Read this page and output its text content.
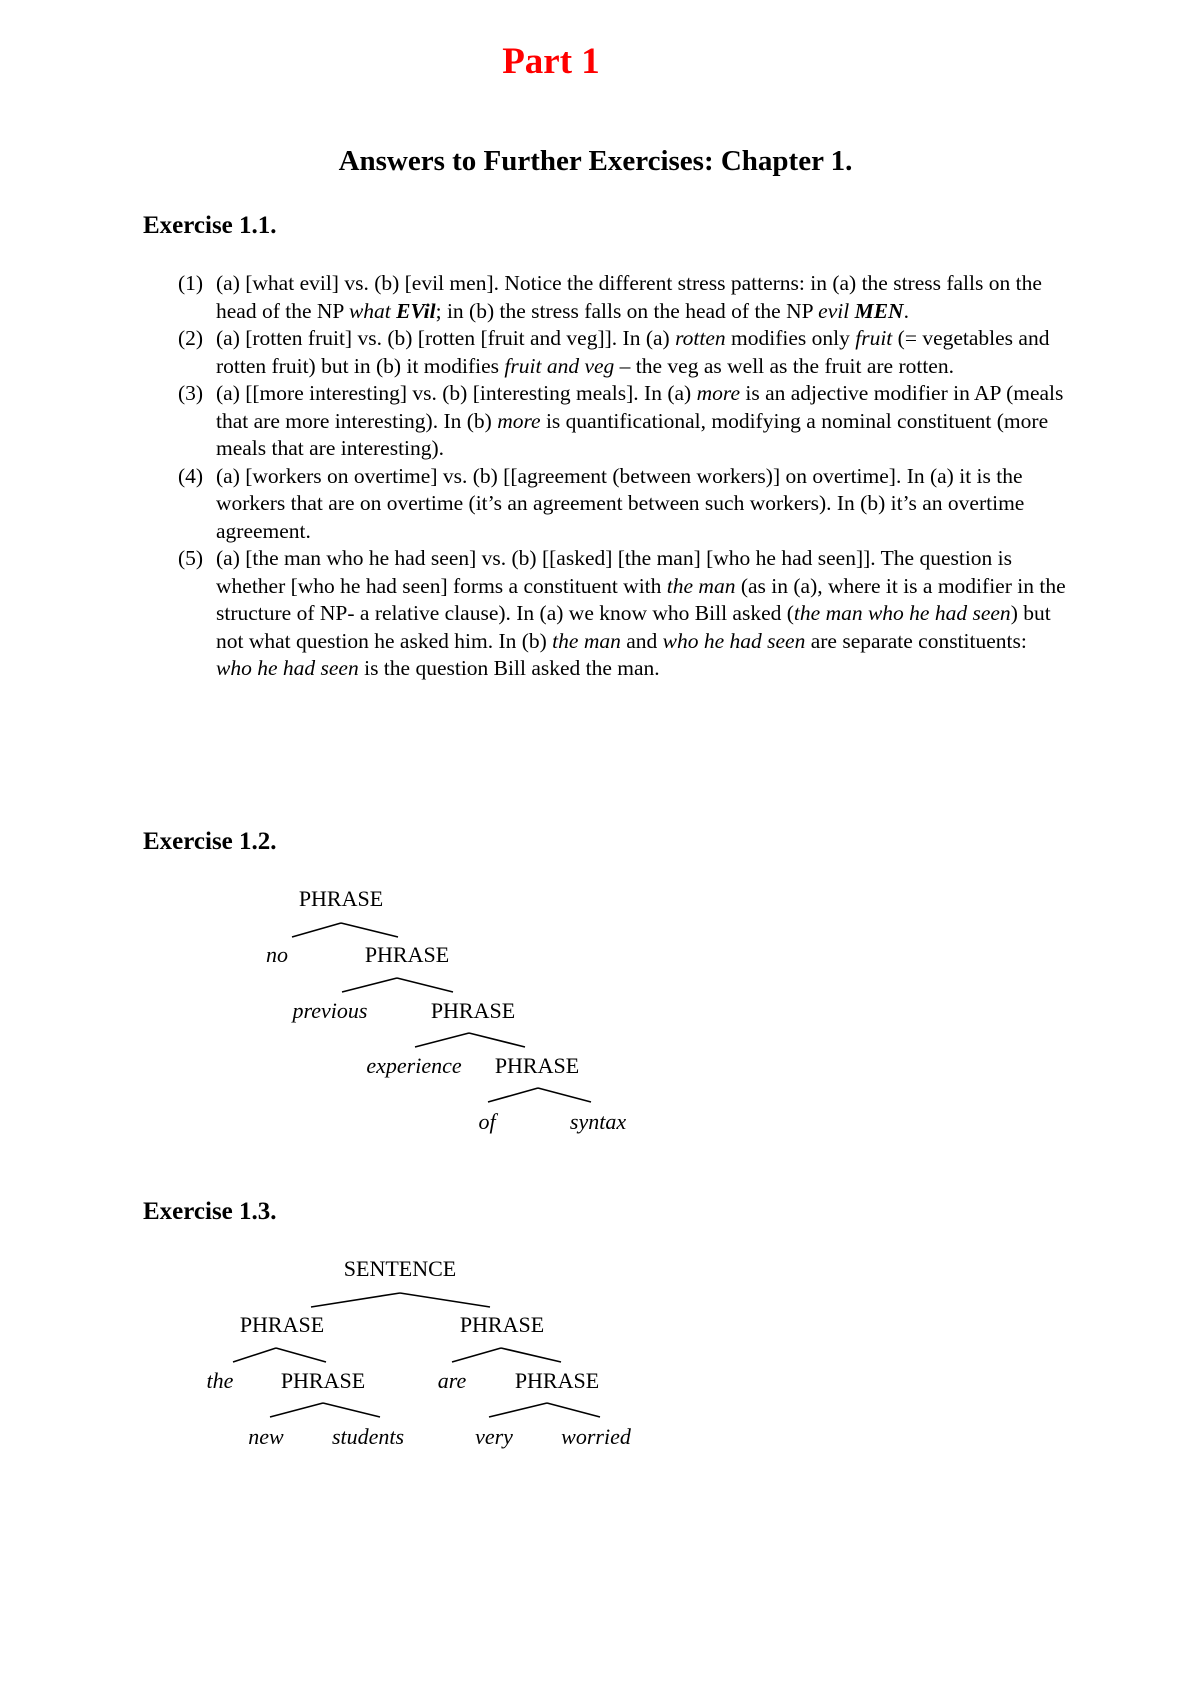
Part 1
Answers to Further Exercises: Chapter 1.
Exercise 1.1.
(1) (a) [what evil] vs. (b) [evil men]. Notice the different stress patterns: in (a) the stress falls on the head of the NP what EVil; in (b) the stress falls on the head of the NP evil MEN.
(2) (a) [rotten fruit] vs. (b) [rotten [fruit and veg]]. In (a) rotten modifies only fruit (= vegetables and rotten fruit) but in (b) it modifies fruit and veg – the veg as well as the fruit are rotten.
(3) (a) [[more interesting] vs. (b) [interesting meals]. In (a) more is an adjective modifier in AP (meals that are more interesting). In (b) more is quantificational, modifying a nominal constituent (more meals that are interesting).
(4) (a) [workers on overtime] vs. (b) [[agreement (between workers)] on overtime]. In (a) it is the workers that are on overtime (it’s an agreement between such workers). In (b) it’s an overtime agreement.
(5) (a) [the man who he had seen] vs. (b) [[asked] [the man] [who he had seen]]. The question is whether [who he had seen] forms a constituent with the man (as in (a), where it is a modifier in the structure of NP- a relative clause). In (a) we know who Bill asked (the man who he had seen) but not what question he asked him. In (b) the man and who he had seen are separate constituents: who he had seen is the question Bill asked the man.
Exercise 1.2.
PHRASE
no	PHRASE
previous	PHRASE
experience PHRASE
of	syntax
Exercise 1.3.
SENTENCE
PHRASE	PHRASE
the PHRASE	are PHRASE
new students	very worried
